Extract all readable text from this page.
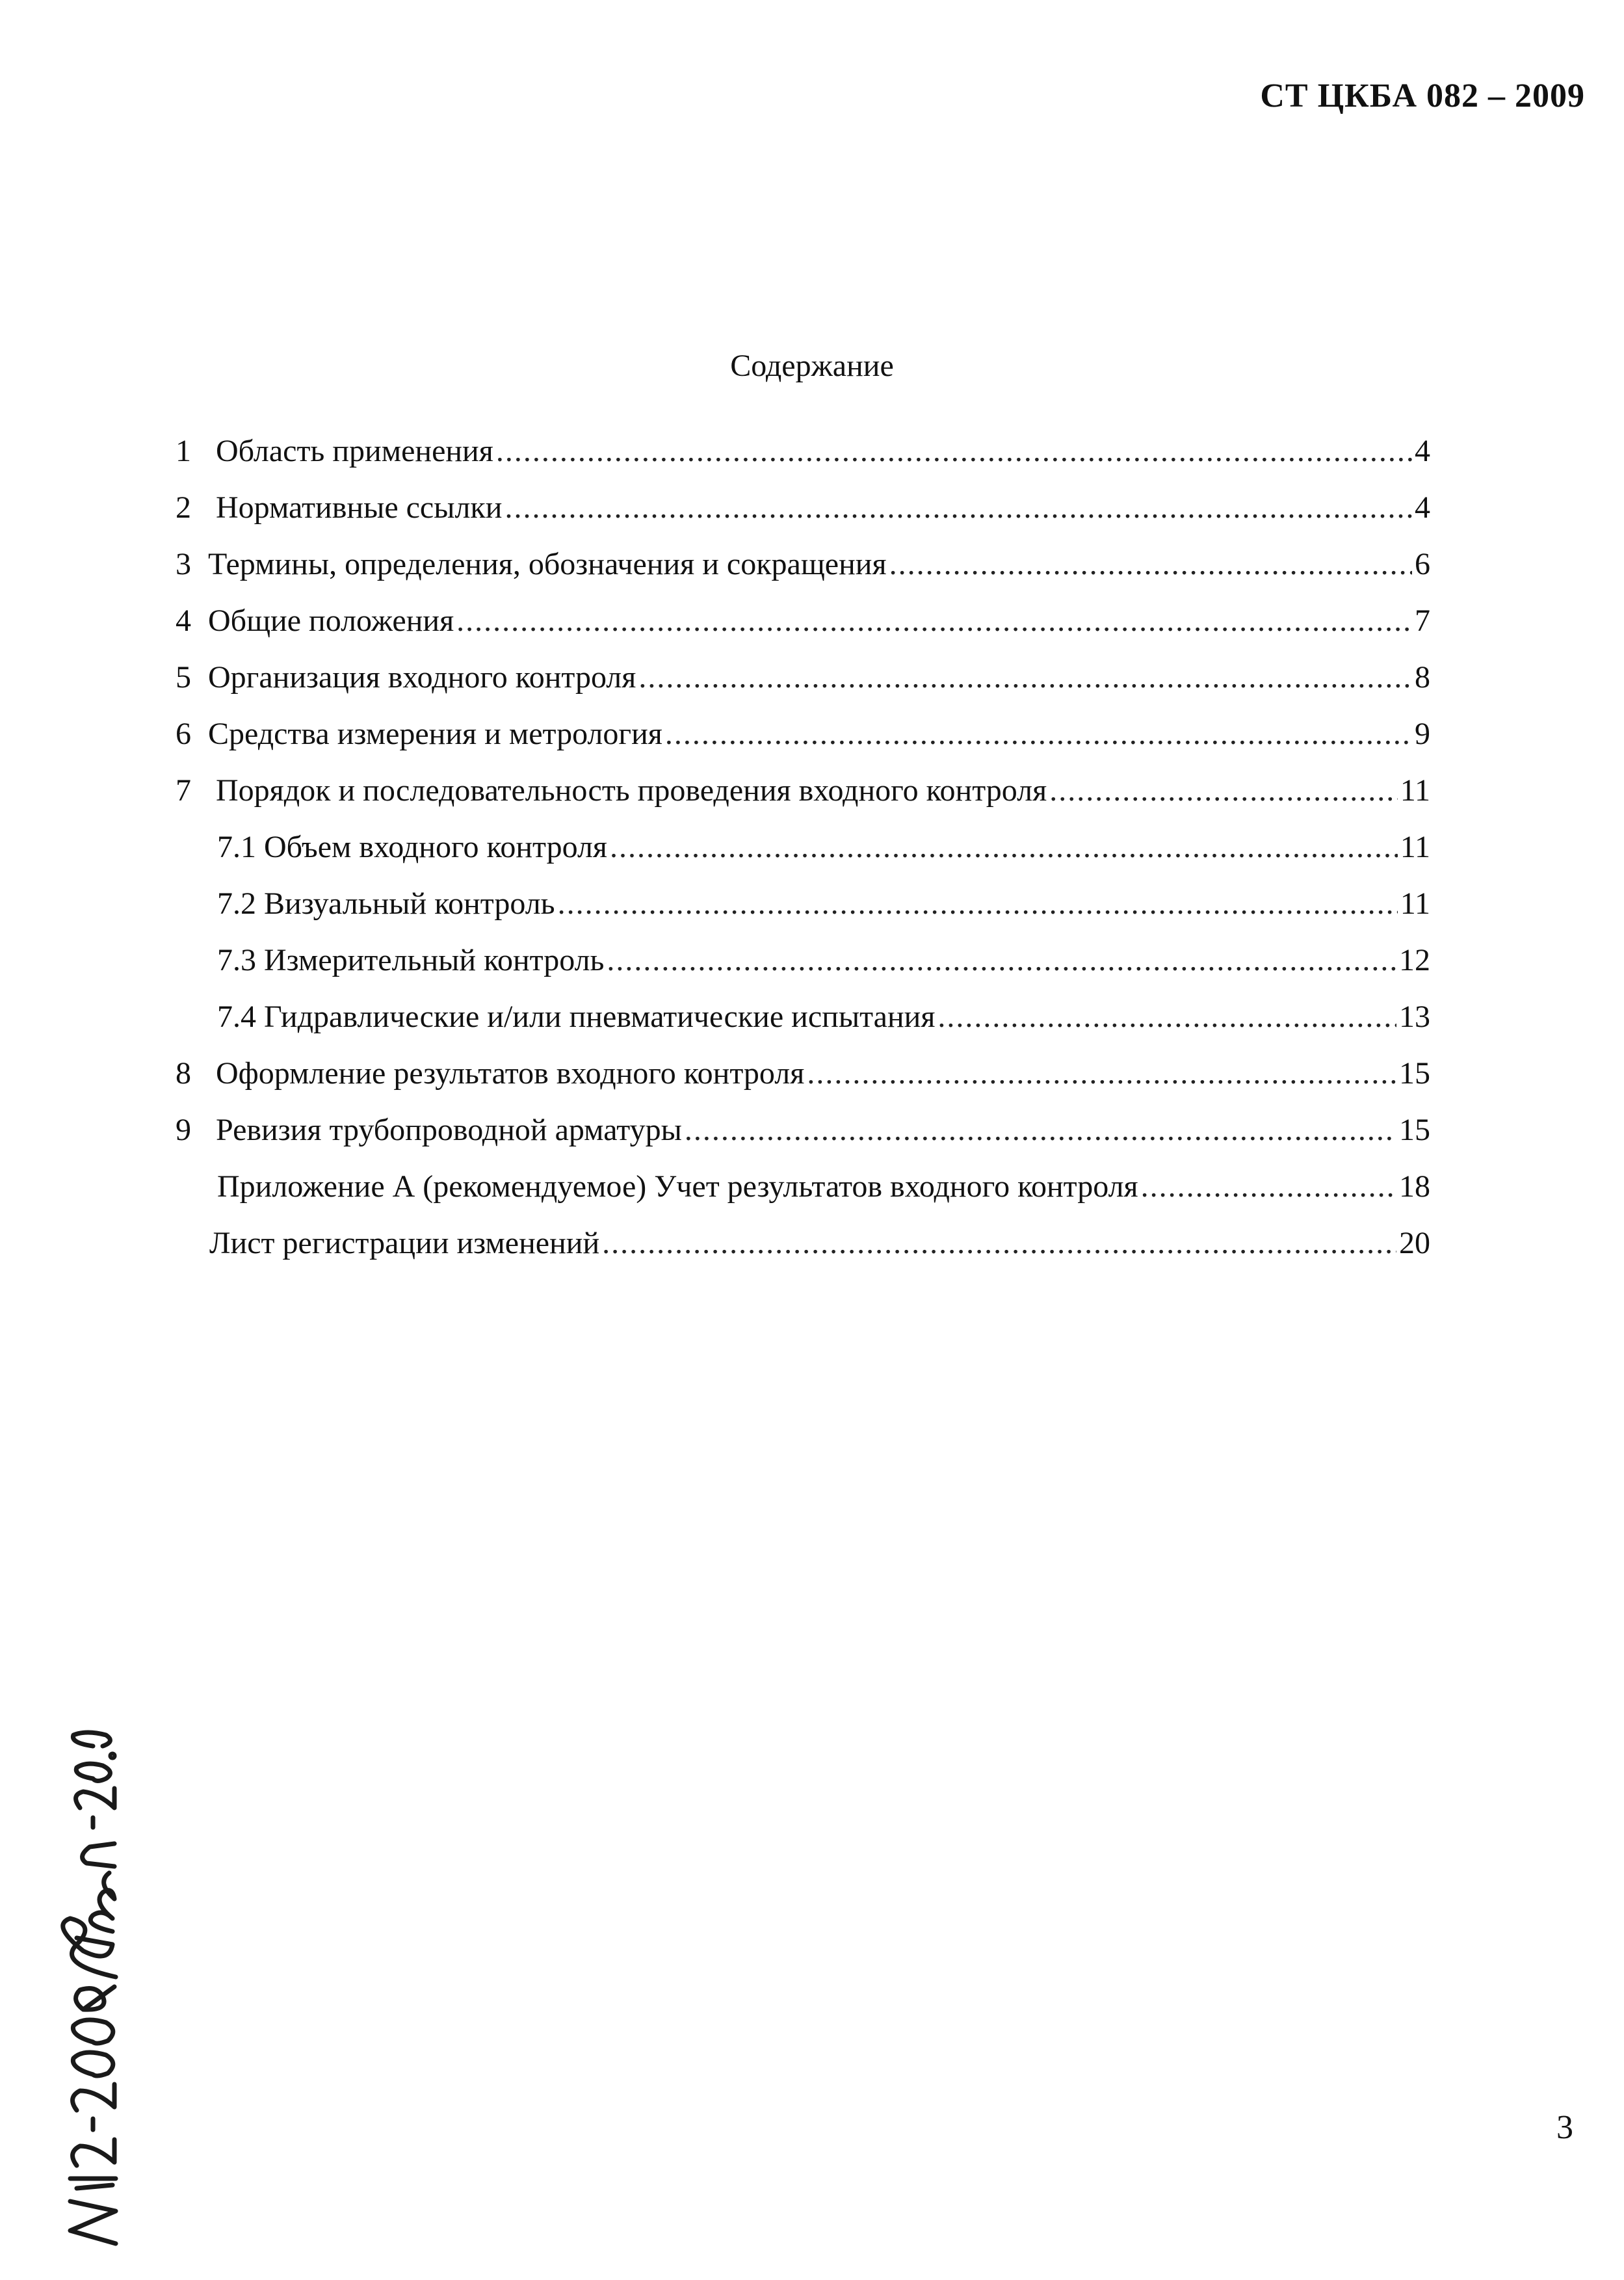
СТ ЦКБА 082 – 2009
Содержание
1 Область применения .....	4
2 Нормативные ссылки .....	4
3 Термины, определения, обозначения и сокращения .....	6
4 Общие положения .....	7
5 Организация входного контроля .....	8
6 Средства измерения и метрология .....	9
7 Порядок и последовательность проведения входного контроля .....	11
7.1 Объем входного контроля .....	11
7.2 Визуальный контроль .....	11
7.3 Измерительный контроль .....	12
7.4 Гидравлические и/или пневматические испытания .....	13
8 Оформление результатов входного контроля .....	15
9 Ревизия трубопроводной арматуры .....	15
Приложение А (рекомендуемое) Учет результатов входного контроля .....	18
Лист регистрации изменений .....	20
3
